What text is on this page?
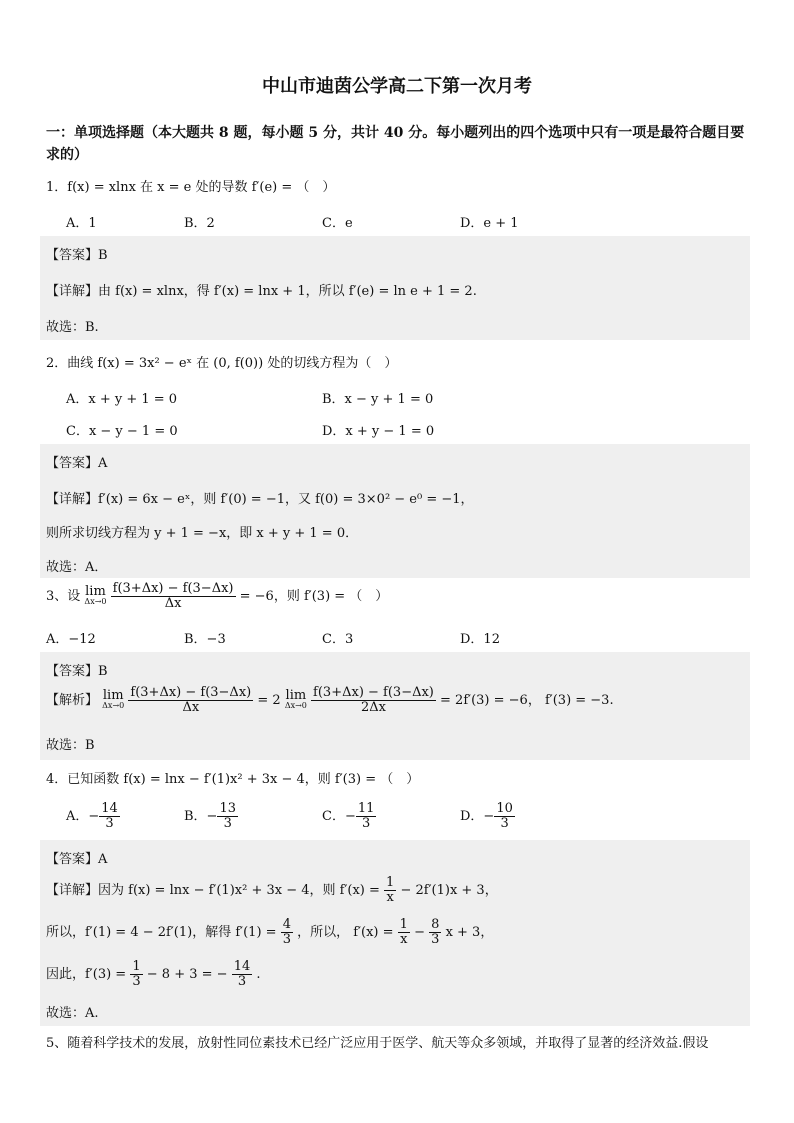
中山市迪茵公学高二下第一次月考
一：单项选择题（本大题共 8 题，每小题 5 分，共计 40 分。每小题列出的四个选项中只有一项是最符合题目要求的）
1．f(x) = xlnx 在 x = e 处的导数 f′(e) = （　）
A．1	B．2	C．e	D．e + 1
【答案】B
【详解】由 f(x) = xlnx，得 f′(x) = lnx + 1，所以 f′(e) = ln e + 1 = 2.
故选：B.
2．曲线 f(x) = 3x² − eˣ 在 (0, f(0)) 处的切线方程为（　）
A．x + y + 1 = 0	B．x − y + 1 = 0
C．x − y − 1 = 0	D．x + y − 1 = 0
【答案】A
【详解】f′(x) = 6x − eˣ，则 f′(0) = −1，又 f(0) = 3×0² − e⁰ = −1，
则所求切线方程为 y + 1 = −x，即 x + y + 1 = 0．
故选：A．
3、设 lim
Δx→0
$\frac{f(3+\Delta x) - f(3-\Delta x)}{\Delta x} = -6$，则 f′(3) = （　）
A．−12	B．−3	C．3	D．12
【答案】B
【解析】 lim
Δx→0
$\frac{f(3+\Delta x) - f(3-\Delta x)}{\Delta x} = 2$ lim
Δx→0
$\frac{f(3+\Delta x) - f(3-\Delta x)}{2\Delta x} = 2f'(3) = -6$， f′(3) = −3.
故选：B
4．已知函数 f(x) = lnx − f′(1)x² + 3x − 4，则 f′(3) = （　）
A．− $\frac{14}{3}$	B．− $\frac{13}{3}$	C．− $\frac{11}{3}$	D．− $\frac{10}{3}$
【答案】A
【详解】因为 f(x) = lnx − f′(1)x² + 3x − 4，则 $f'(x) = \frac{1}{x} - 2f'(1)x + 3$，
所以，f′(1) = 4 − 2f′(1)，解得 $f'(1) = \frac{4}{3}$ ，所以， $f'(x) = \frac{1}{x} - \frac{8}{3}$ x + 3，
因此，$f'(3) = \frac{1}{3} - 8 + 3$ = − $\frac{14}{3}$ .
故选：A.
5、随着科学技术的发展，放射性同位素技术已经广泛应用于医学、航天等众多领域，并取得了显著的经济效益.假设
